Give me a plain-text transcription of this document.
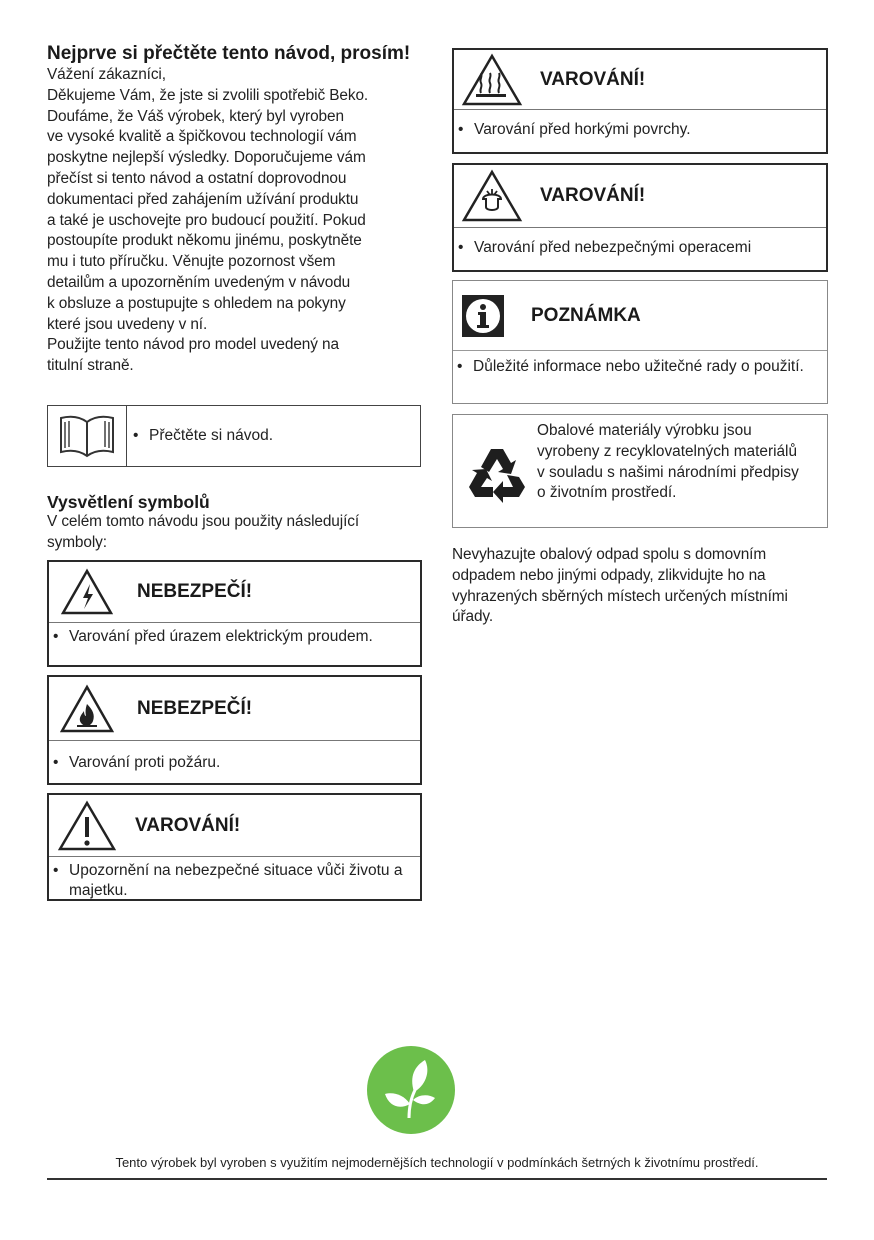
Nejprve si přečtěte tento návod, prosím!

Vážení zákazníci,
Děkujeme Vám, že jste si zvolili spotřebič Beko.
Doufáme, že Váš výrobek, který byl vyroben
ve vysoké kvalitě a špičkovou technologií vám
poskytne nejlepší výsledky. Doporučujeme vám
přečíst si tento návod a ostatní doprovodnou
dokumentaci před zahájením užívání produktu
a také je uschovejte pro budoucí použití. Pokud
postoupíte produkt někomu jinému, poskytněte
mu i tuto příručku. Věnujte pozornost všem
detailům a upozorněním uvedeným v návodu
k obsluze a postupujte s ohledem na pokyny
které jsou uvedeny v ní.
Použijte tento návod pro model uvedený na
titulní straně.

• Přečtěte si návod.
Vysvětlení symbolů

V celém tomto návodu jsou použity následující symboly:

NEBEZPEČÍ!
• Varování před úrazem elektrickým proudem.
NEBEZPEČÍ!
• Varování proti požáru.
VAROVÁNÍ!
• Upozornění na nebezpečné situace vůči životu a majetku.
VAROVÁNÍ!
• Varování před horkými povrchy.
VAROVÁNÍ!
• Varování před nebezpečnými operacemi
POZNÁMKA
• Důležité informace nebo užitečné rady o použití.
Obalové materiály výrobku jsou vyrobeny z recyklovatelných materiálů v souladu s našimi národními předpisy o životním prostředí.

Nevyhazujte obalový odpad spolu s domovním odpadem nebo jinými odpady, zlikvidujte ho na vyhrazených sběrných místech určených místními úřady.

Tento výrobek byl vyroben s využitím nejmodernějších technologií v podmínkách šetrných k životnímu prostředí.
